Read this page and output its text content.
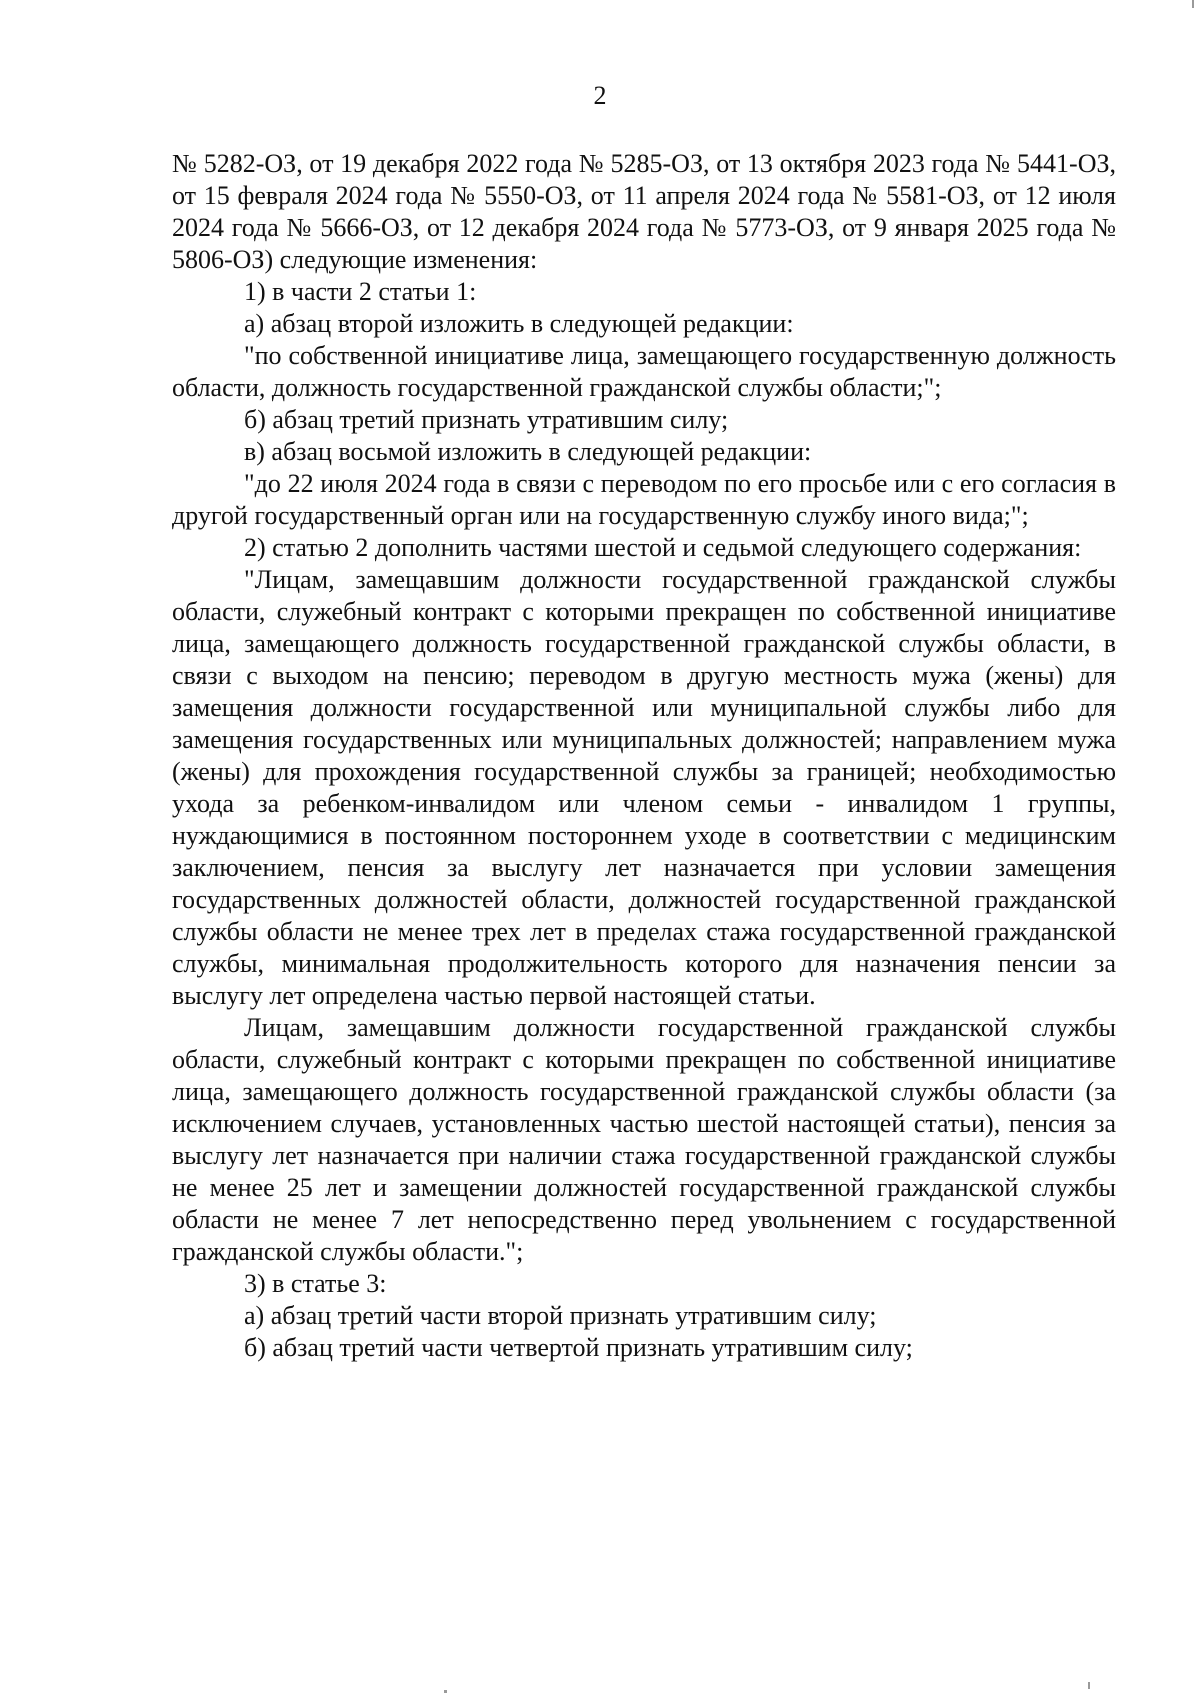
2

№ 5282-ОЗ, от 19 декабря 2022 года № 5285-ОЗ, от 13 октября 2023 года № 5441-ОЗ, от 15 февраля 2024 года № 5550-ОЗ, от 11 апреля 2024 года № 5581-ОЗ, от 12 июля 2024 года № 5666-ОЗ, от 12 декабря 2024 года № 5773-ОЗ, от 9 января 2025 года № 5806-ОЗ) следующие изменения:

1) в части 2 статьи 1:

а) абзац второй изложить в следующей редакции:

"по собственной инициативе лица, замещающего государственную должность области, должность государственной гражданской службы области;";

б) абзац третий признать утратившим силу;

в) абзац восьмой изложить в следующей редакции:

"до 22 июля 2024 года в связи с переводом по его просьбе или с его согласия в другой государственный орган или на государственную службу иного вида;";

2) статью 2 дополнить частями шестой и седьмой следующего содержания:

"Лицам, замещавшим должности государственной гражданской службы области, служебный контракт с которыми прекращен по собственной инициативе лица, замещающего должность государственной гражданской службы области, в связи с выходом на пенсию; переводом в другую местность мужа (жены) для замещения должности государственной или муниципальной службы либо для замещения государственных или муниципальных должностей; направлением мужа (жены) для прохождения государственной службы за границей; необходимостью ухода за ребенком-инвалидом или членом семьи - инвалидом 1 группы, нуждающимися в постоянном постороннем уходе в соответствии с медицинским заключением, пенсия за выслугу лет назначается при условии замещения государственных должностей области, должностей государственной гражданской службы области не менее трех лет в пределах стажа государственной гражданской службы, минимальная продолжительность которого для назначения пенсии за выслугу лет определена частью первой настоящей статьи.

Лицам, замещавшим должности государственной гражданской службы области, служебный контракт с которыми прекращен по собственной инициативе лица, замещающего должность государственной гражданской службы области (за исключением случаев, установленных частью шестой настоящей статьи), пенсия за выслугу лет назначается при наличии стажа государственной гражданской службы не менее 25 лет и замещении должностей государственной гражданской службы области не менее 7 лет непосредственно перед увольнением с государственной гражданской службы области.";

3) в статье 3:

а) абзац третий части второй признать утратившим силу;

б) абзац третий части четвертой признать утратившим силу;
